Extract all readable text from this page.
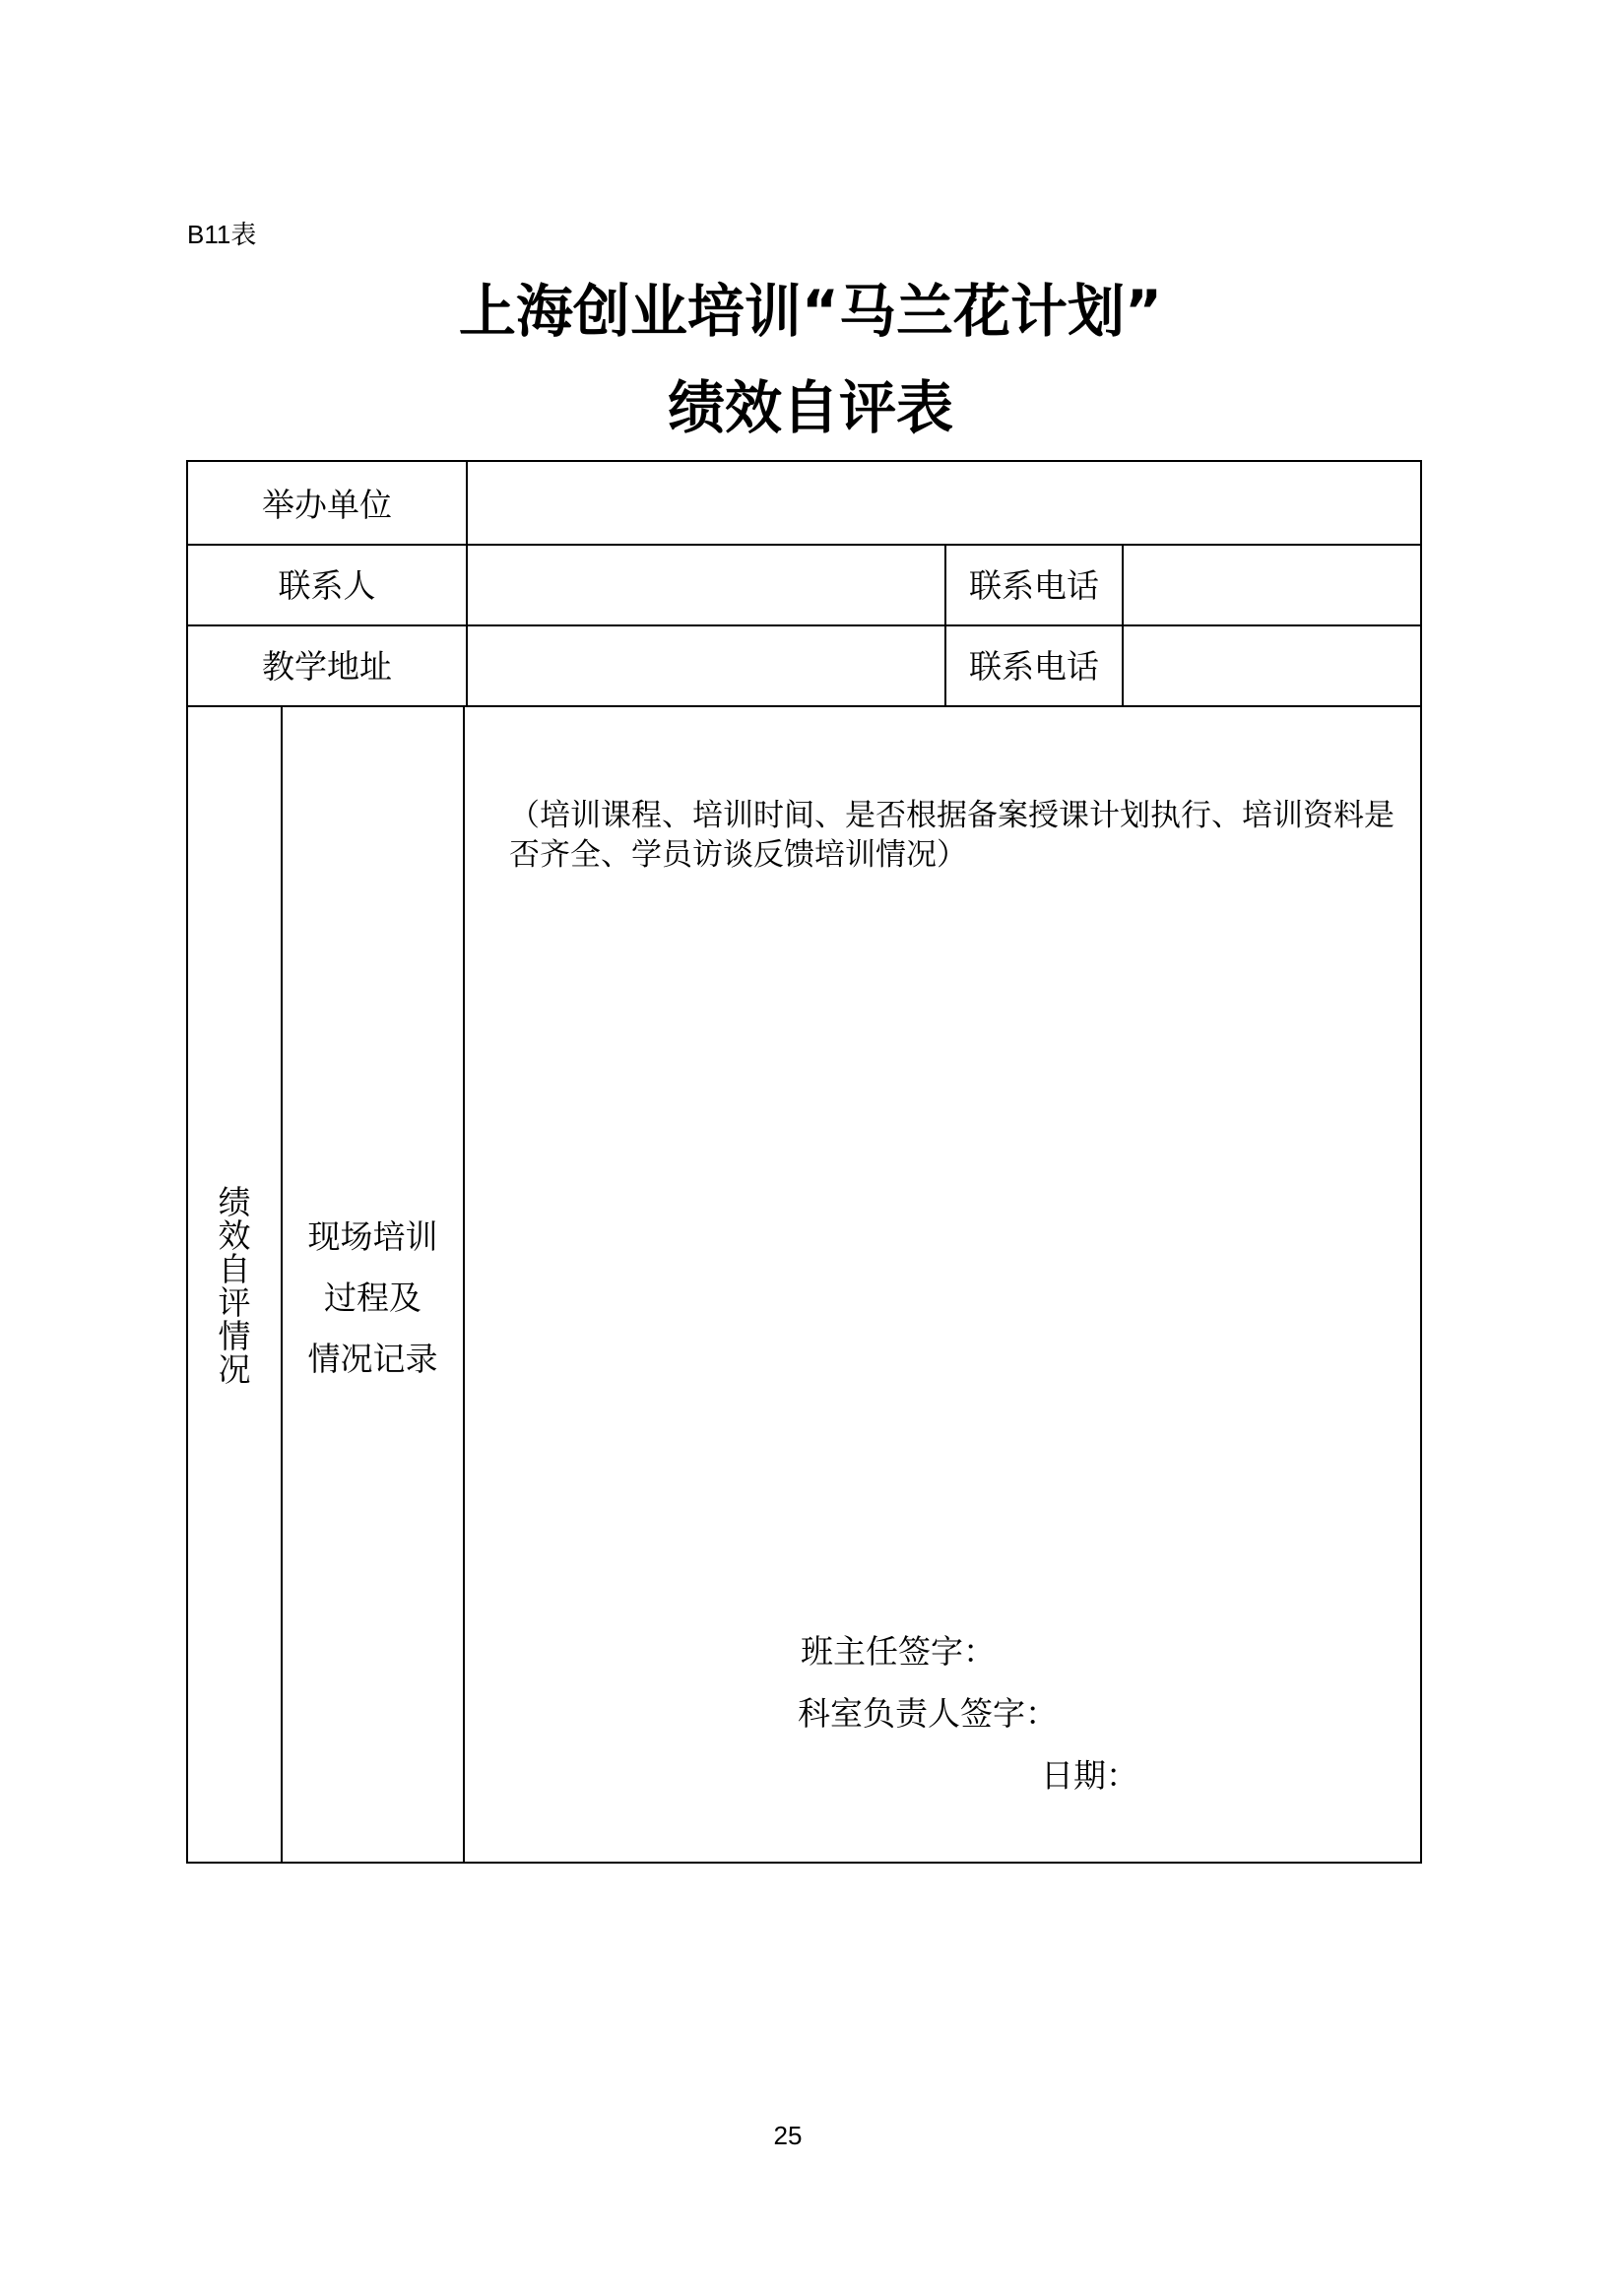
B11表
上海创业培训“马兰花计划”
绩效自评表
举办单位
联系人	联系电话
教学地址	联系电话
绩效自评情况
现场培训
过程及
情况记录
（培训课程、培训时间、是否根据备案授课计划执行、培训资料是否齐全、学员访谈反馈培训情况）
班主任签字：
科室负责人签字：
日期：
25
